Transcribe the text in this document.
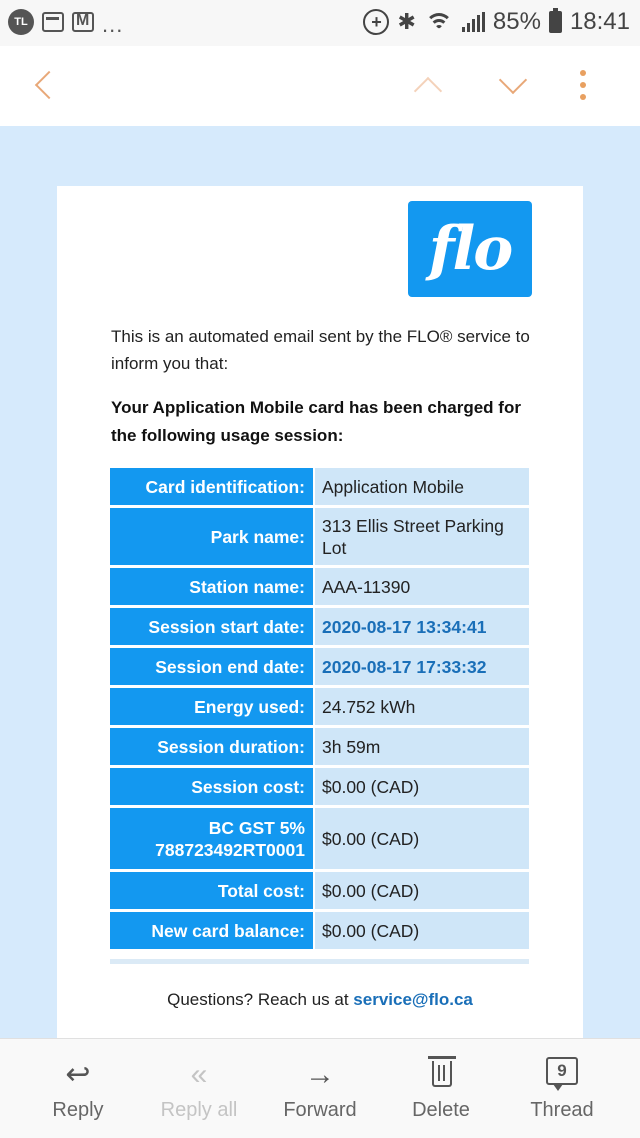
TL M	...	+ ✱	85% 18:41
flo

This is an automated email sent by the FLO® service to inform you that:

Your Application Mobile card has been charged for the following usage session:

Card identification:	Application Mobile
Park name:	313 Ellis Street Parking Lot
Station name:	AAA-11390
Session start date:	2020-08-17 13:34:41
Session end date:	2020-08-17 17:33:32
Energy used:	24.752 kWh
Session duration:	3h 59m
Session cost:	$0.00 (CAD)
BC GST 5% 788723492RT0001	$0.00 (CAD)
Total cost:	$0.00 (CAD)
New card balance:	$0.00 (CAD)

Questions? Reach us at service@flo.ca

↩
Reply
«
Reply all
→
Forward	Delete
9
Thread
